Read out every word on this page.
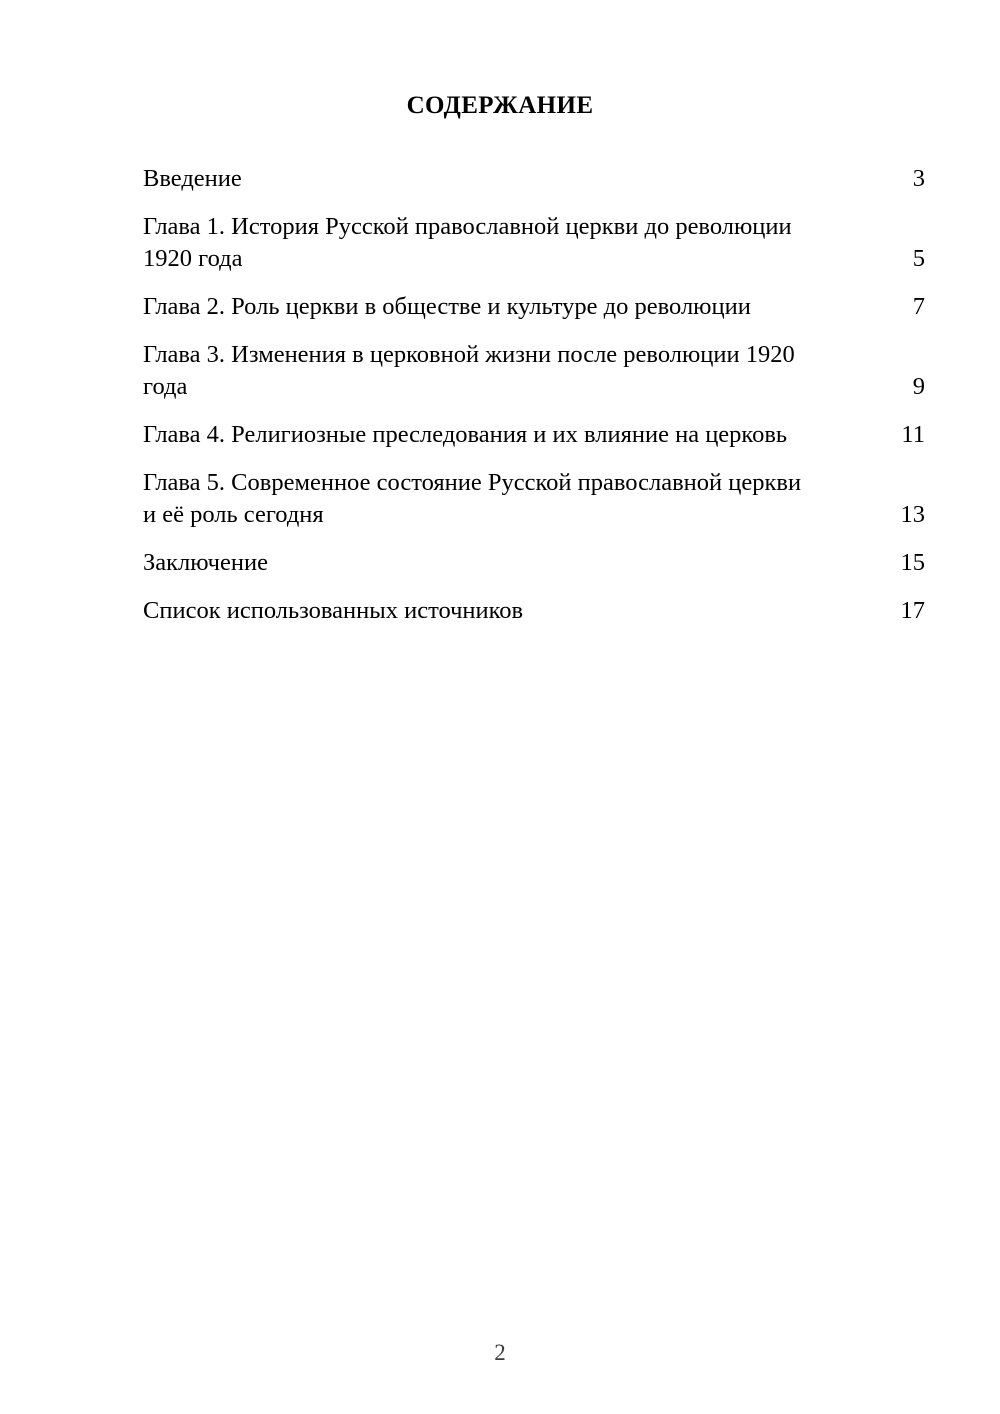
СОДЕРЖАНИЕ
Введение	3
Глава 1. История Русской православной церкви до революции 1920 года	5
Глава 2. Роль церкви в обществе и культуре до революции	7
Глава 3. Изменения в церковной жизни после революции 1920 года	9
Глава 4. Религиозные преследования и их влияние на церковь	11
Глава 5. Современное состояние Русской православной церкви и её роль сегодня	13
Заключение	15
Список использованных источников	17
2
